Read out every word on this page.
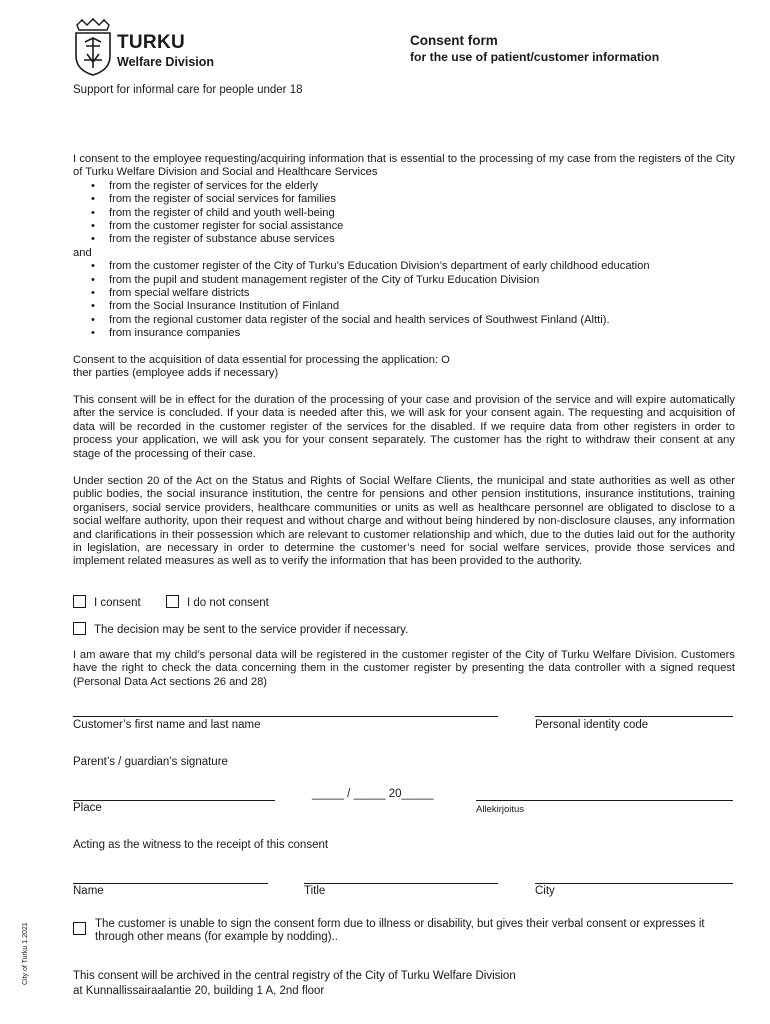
TURKU
Welfare Division
Consent form
for the use of patient/customer information
Support for informal care for people under 18
I consent to the employee requesting/acquiring information that is essential to the processing of my case from the registers of the City of Turku Welfare Division and Social and Healthcare Services
• from the register of services for the elderly
• from the register of social services for families
• from the register of child and youth well-being
• from the customer register for social assistance
• from the register of substance abuse services
and
• from the customer register of the City of Turku’s Education Division’s department of early childhood education
• from the pupil and student management register of the City of Turku Education Division
• from special welfare districts
• from the Social Insurance Institution of Finland
• from the regional customer data register of the social and health services of Southwest Finland (Altti).
• from insurance companies
Consent to the acquisition of data essential for processing the application: O
ther parties (employee adds if necessary)
This consent will be in effect for the duration of the processing of your case and provision of the service and will expire automatically after the service is concluded. If your data is needed after this, we will ask for your consent again. The requesting and acquisition of data will be recorded in the customer register of the services for the disabled. If we require data from other registers in order to process your application, we will ask you for your consent separately. The customer has the right to withdraw their consent at any stage of the processing of their case.
Under section 20 of the Act on the Status and Rights of Social Welfare Clients, the municipal and state authorities as well as other public bodies, the social insurance institution, the centre for pensions and other pension institutions, insurance institutions, training organisers, social service providers, healthcare communities or units as well as healthcare personnel are obligated to disclose to a social welfare authority, upon their request and without charge and without being hindered by non-disclosure clauses, any information and clarifications in their possession which are relevant to customer relationship and which, due to the duties laid out for the authority in legislation, are necessary in order to determine the customer’s need for social welfare services, provide those services and implement related measures as well as to verify the information that has been provided to the authority.
I consent	I do not consent
The decision may be sent to the service provider if necessary.
I am aware that my child’s personal data will be registered in the customer register of the City of Turku Welfare Division. Customers have the right to check the data concerning them in the customer register by presenting the data controller with a signed request (Personal Data Act sections 26 and 28)
Customer’s first name and last name	Personal identity code
Parent’s / guardian’s signature
_____ / _____ 20_____
Place	Allekirjoitus
Acting as the witness to the receipt of this consent
Name	Title	City
The customer is unable to sign the consent form due to illness or disability, but gives their verbal consent or expresses it through other means (for example by nodding)..
This consent will be archived in the central registry of the City of Turku Welfare Division
at Kunnallissairaalantie 20, building 1 A, 2nd floor
City of Turku 1.2021
